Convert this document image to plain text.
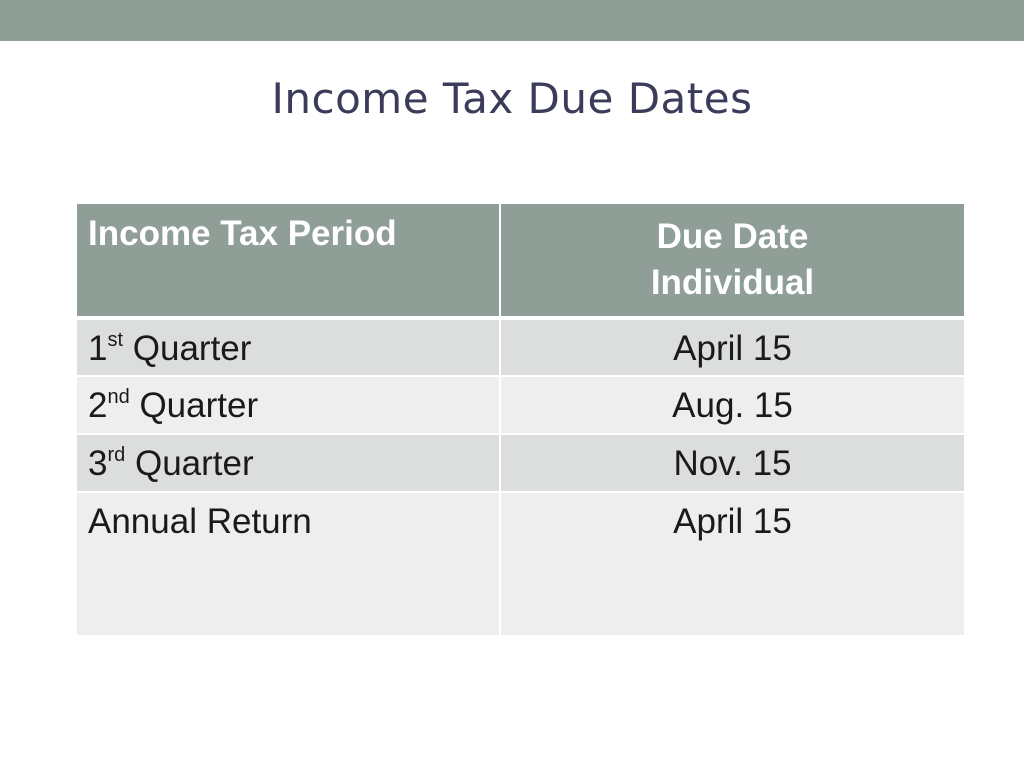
Income Tax Due Dates
Income Tax Period	Due Date
Individual

1st Quarter	April 15
2nd Quarter	Aug. 15
3rd Quarter	Nov. 15
Annual Return	April 15
